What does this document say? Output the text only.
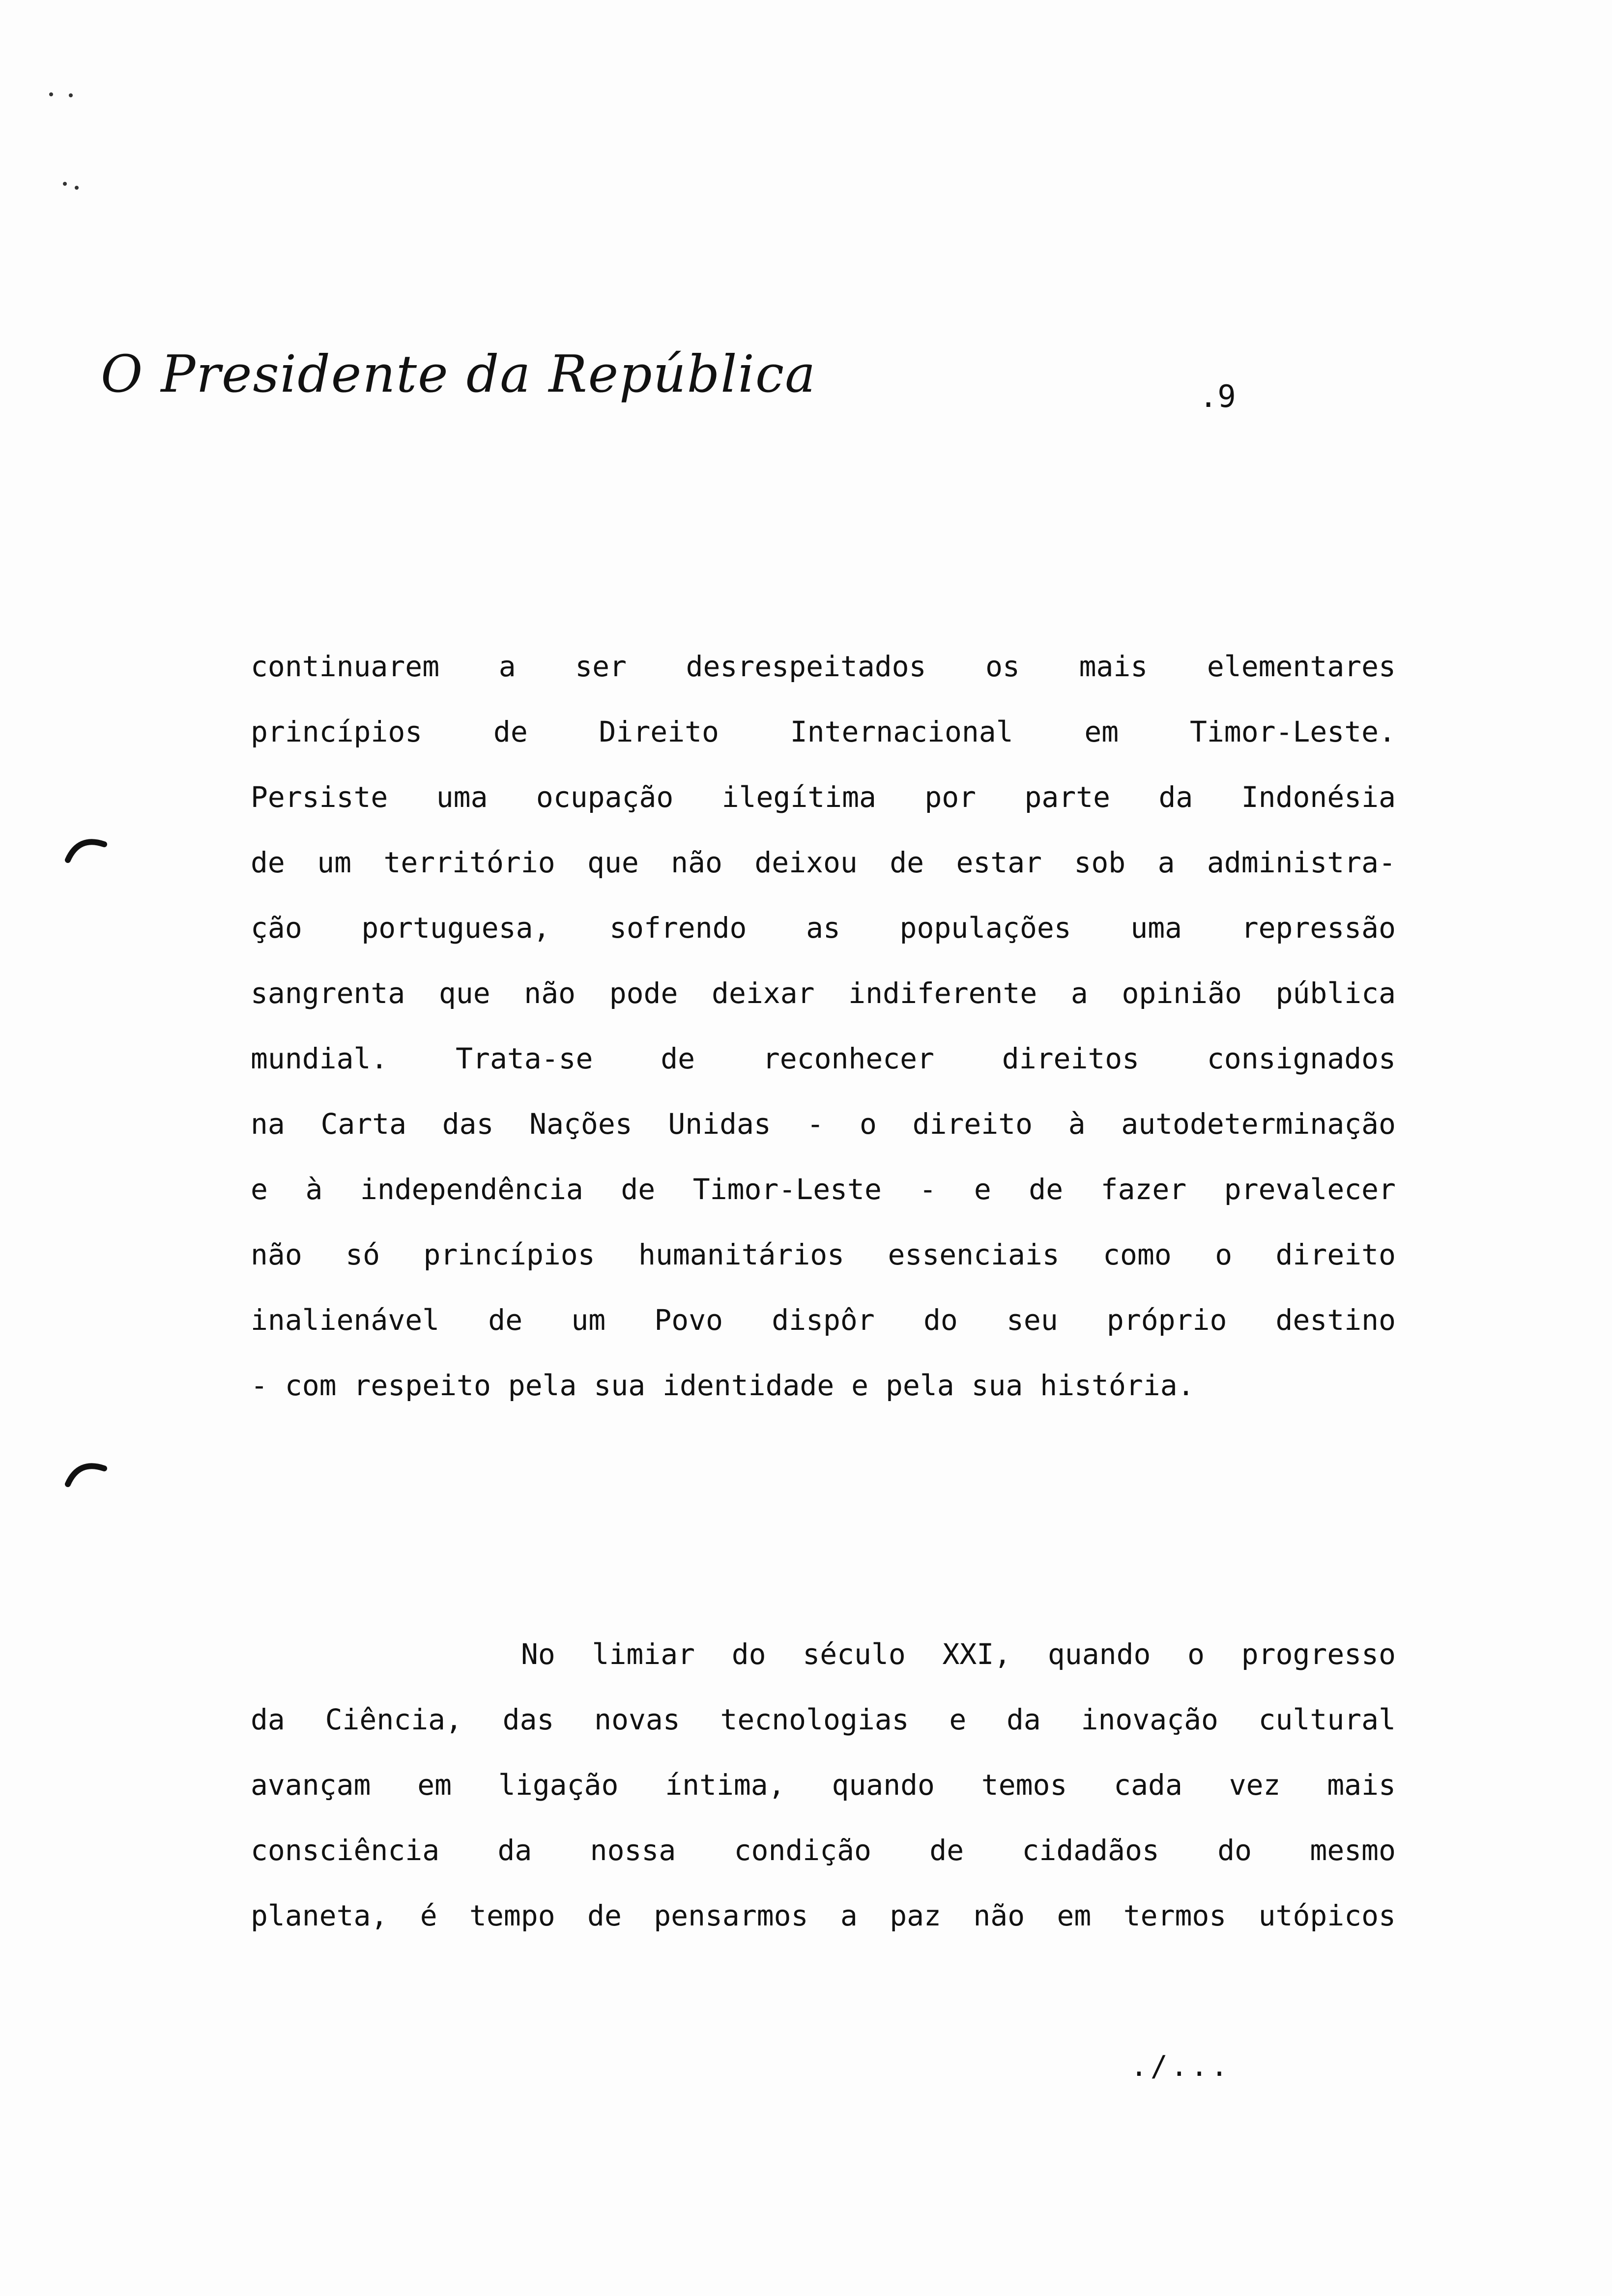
O Presidente da República	.9
continuarem a ser desrespeitados os mais elementares
princípios de Direito Internacional em Timor-Leste.
Persiste uma ocupação ilegítima por parte da Indonésia
de um território que não deixou de estar sob a administra-
ção portuguesa, sofrendo as populações uma repressão
sangrenta que não pode deixar indiferente a opinião pública
mundial. Trata-se de reconhecer direitos consignados
na Carta das Nações Unidas - o direito à autodeterminação
e à independência de Timor-Leste - e de fazer prevalecer
não só princípios humanitários essenciais como o direito
inalienável de um Povo dispôr do seu próprio destino
- com respeito pela sua identidade e pela sua história.
No limiar do século XXI, quando o progresso
da Ciência, das novas tecnologias e da inovação cultural
avançam em ligação íntima, quando temos cada vez mais
consciência da nossa condição de cidadãos do mesmo
planeta, é tempo de pensarmos a paz não em termos utópicos
./...
